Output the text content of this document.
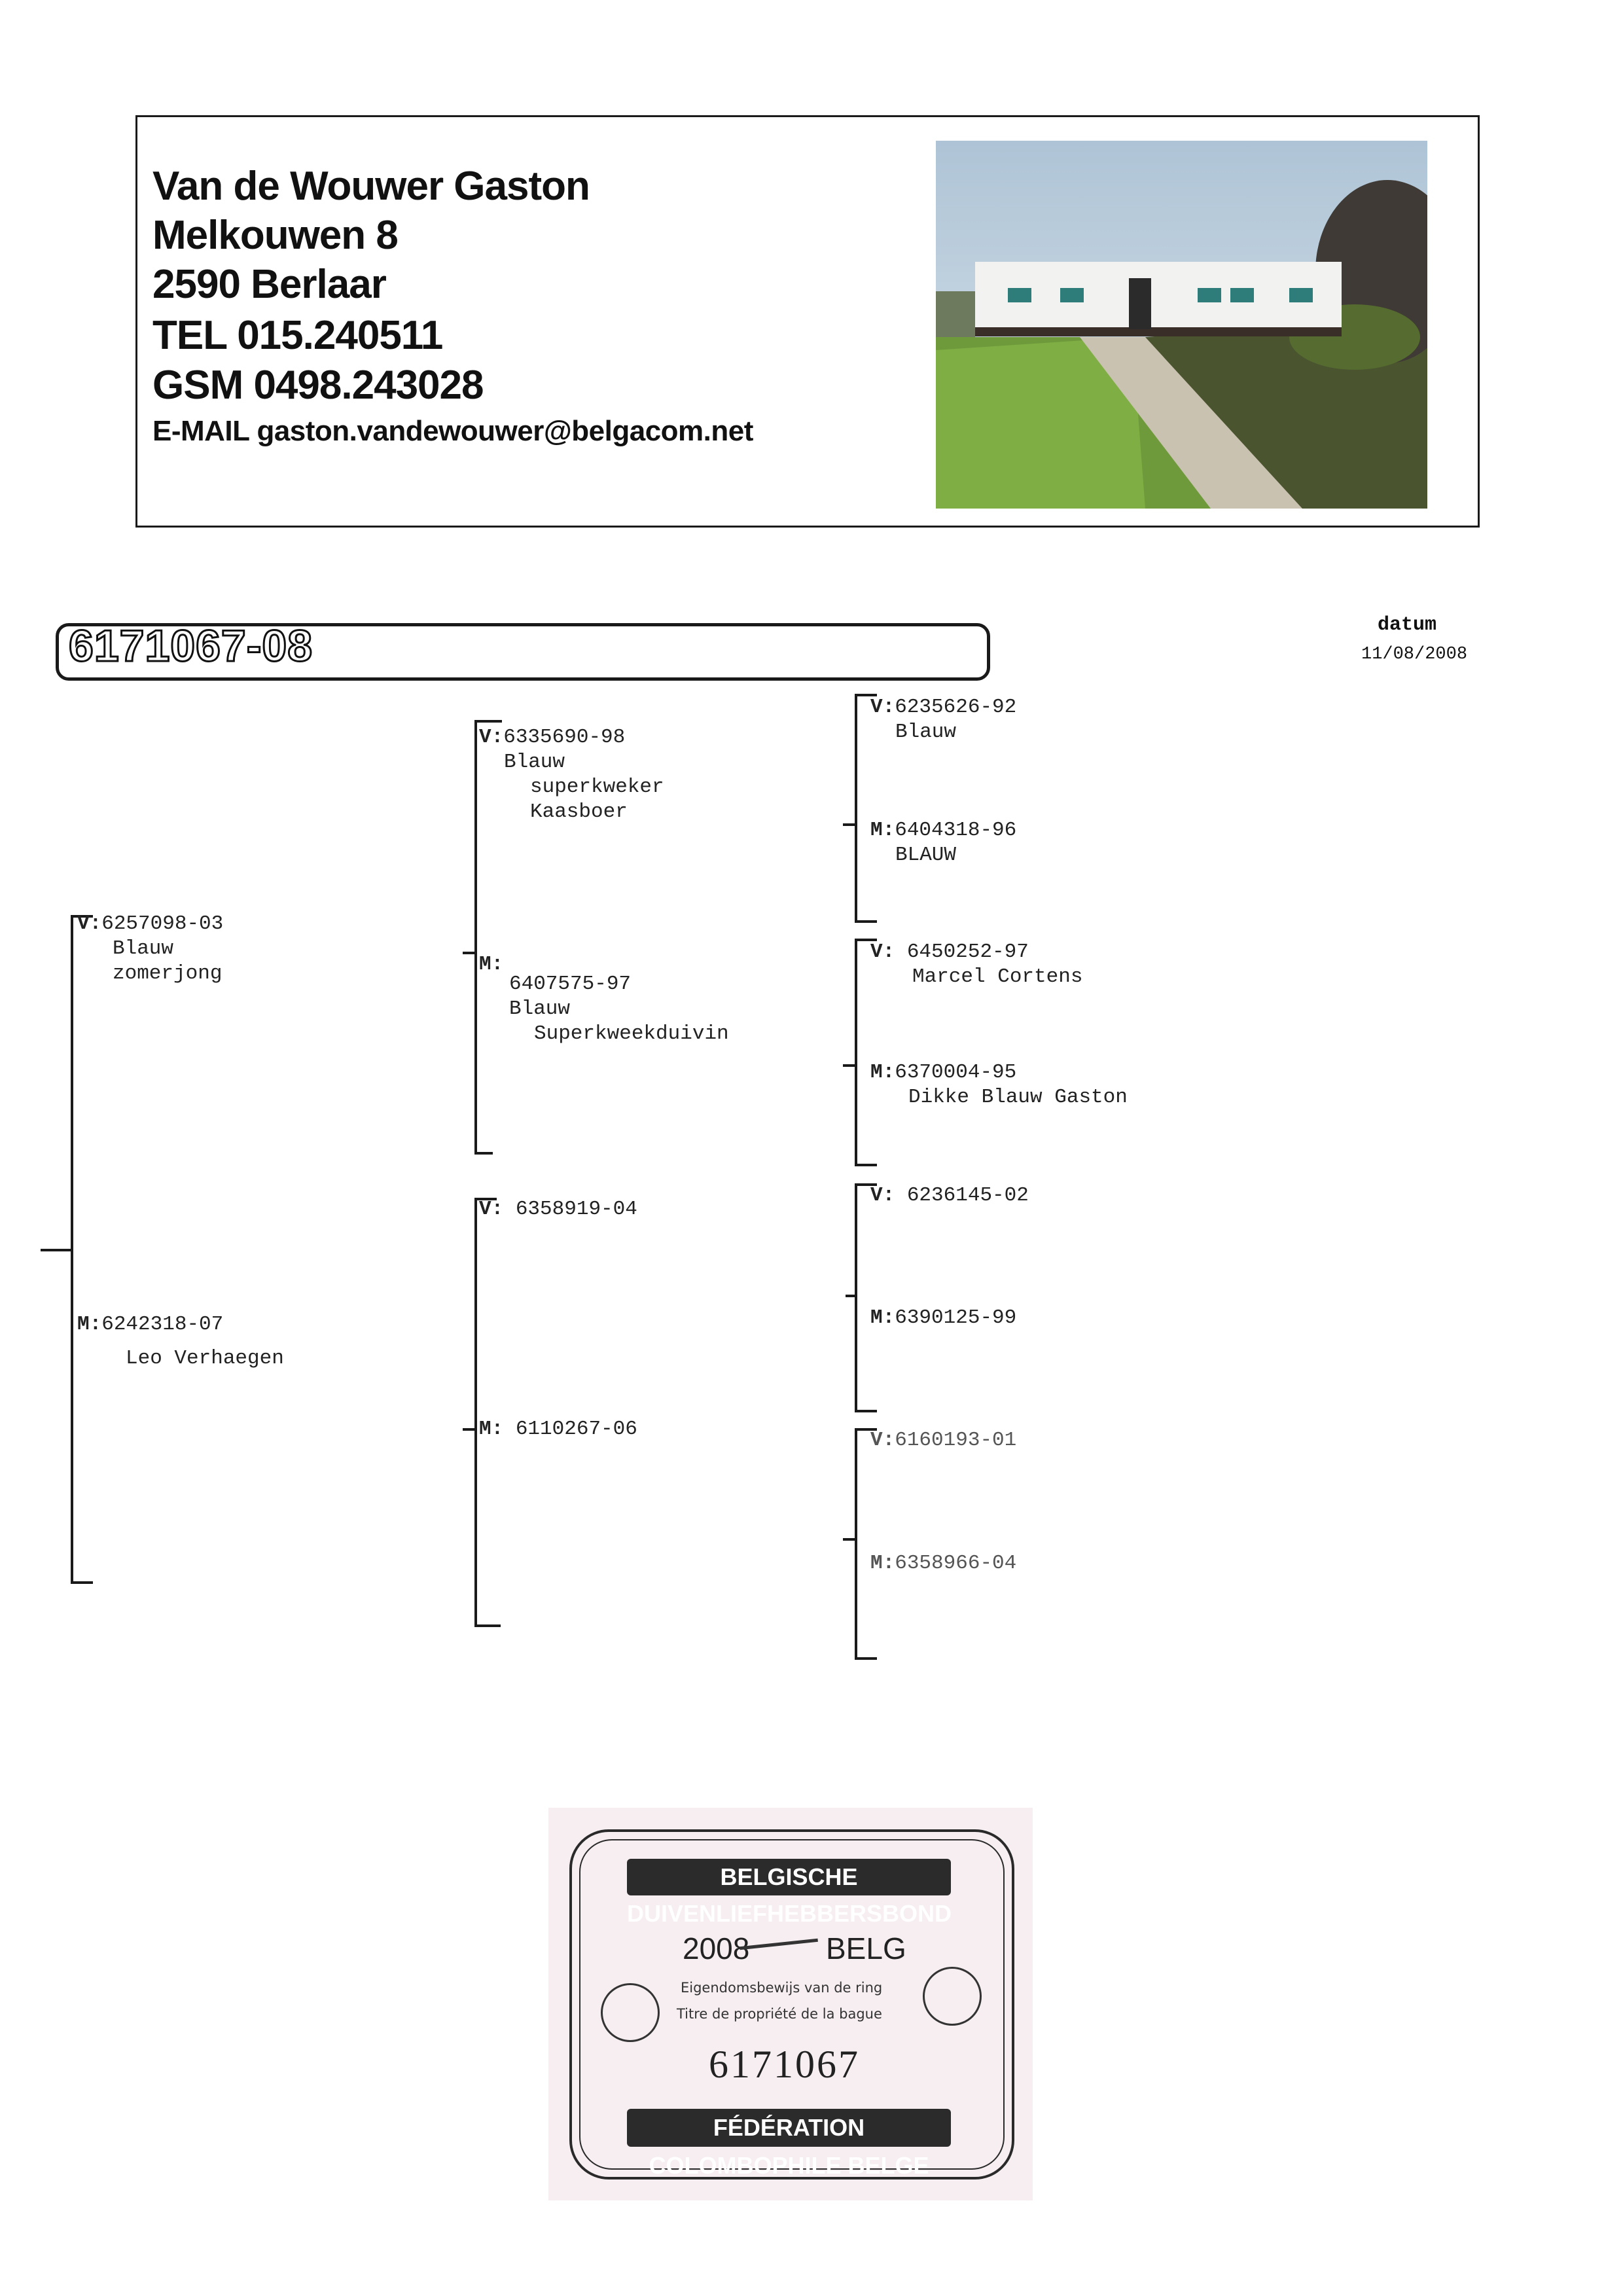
Van de Wouwer Gaston
Melkouwen 8
2590 Berlaar
TEL 015.240511
GSM 0498.243028
E-MAIL gaston.vandewouwer@belgacom.net
6171067-08	datum
11/08/2008
V:6257098-03
Blauw
zomerjong
M:6242318-07
Leo Verhaegen
V:6335690-98
Blauw
superkweker
Kaasboer
M:
6407575-97
Blauw
Superkweekduivin
V: 6358919-04
M: 6110267-06
V:6235626-92
Blauw
M:6404318-96
BLAUW
V: 6450252-97
Marcel Cortens
M:6370004-95
Dikke Blauw Gaston
V: 6236145-02
M:6390125-99
V:6160193-01
M:6358966-04
BELGISCHE DUIVENLIEFHEBBERSBOND
2008	BELG
Eigendomsbewijs van de ring
Titre de propriété de la bague
6171067
FÉDÉRATION COLOMBOPHILE BELGE
